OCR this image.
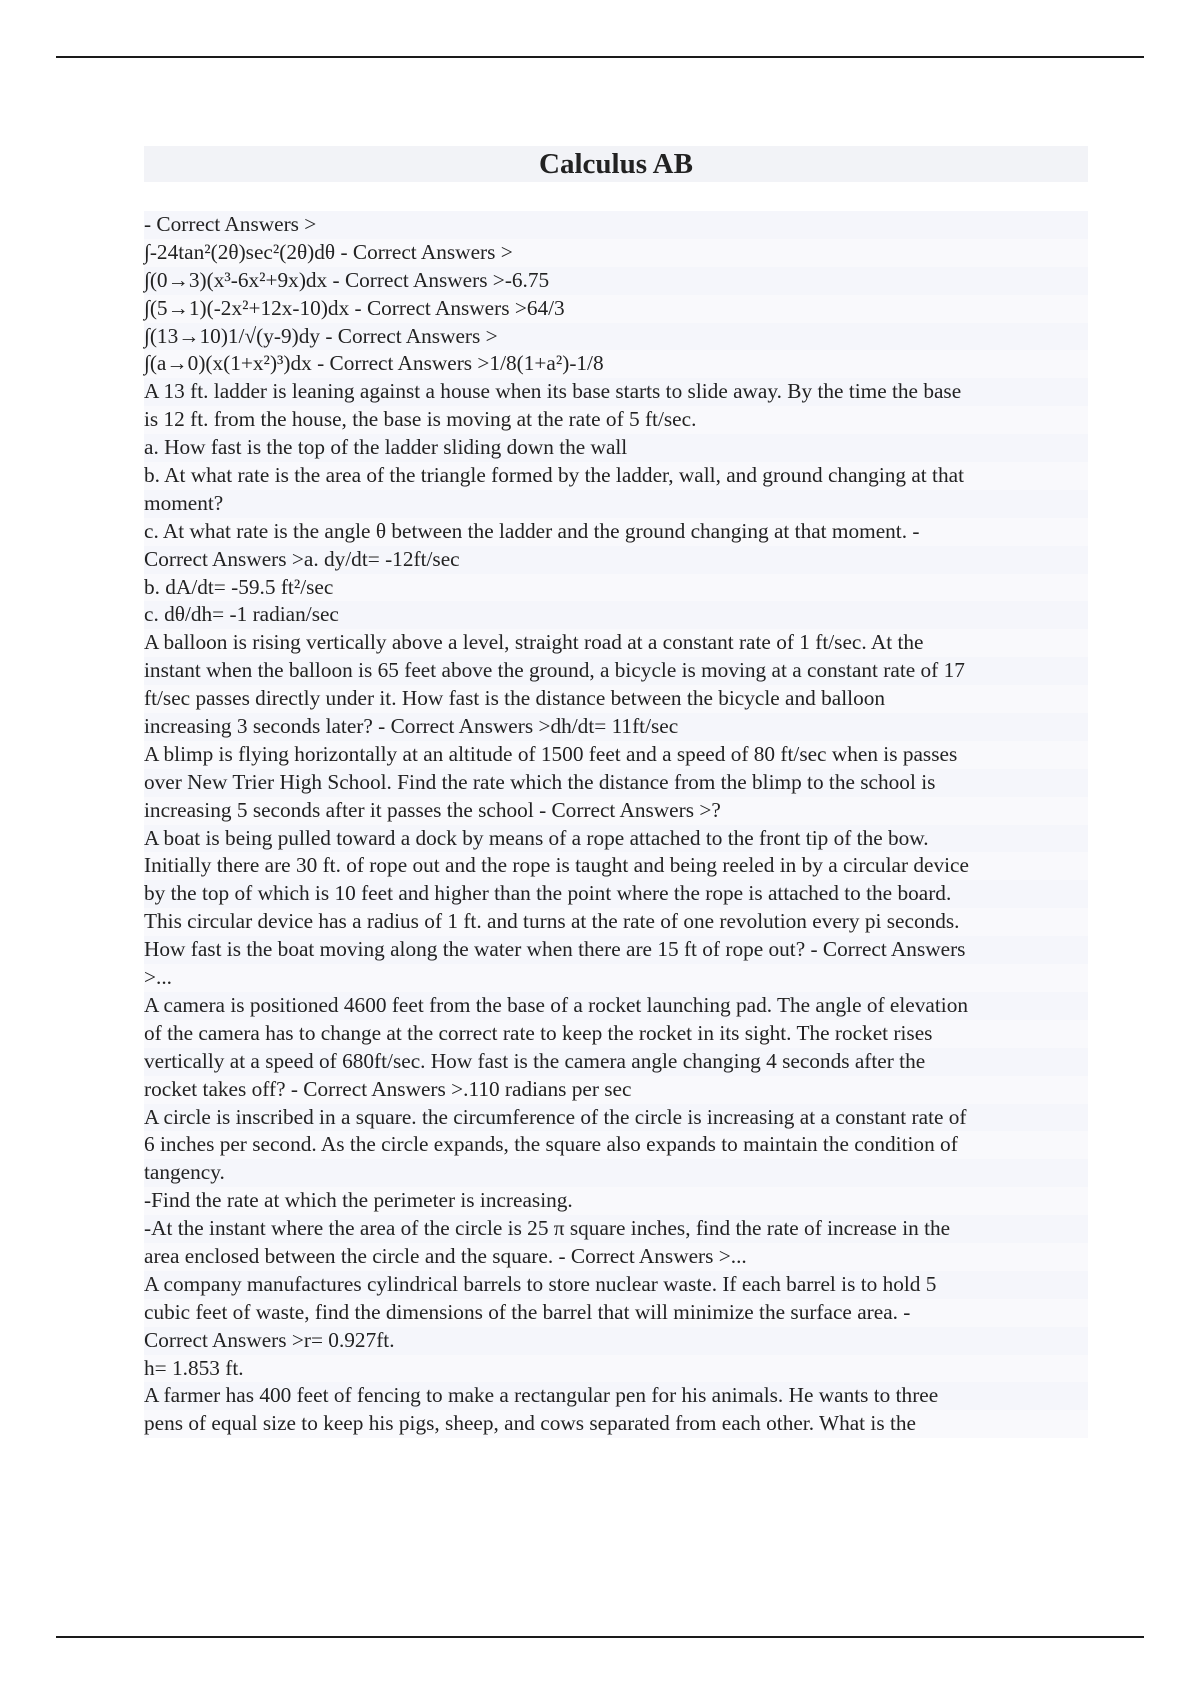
Calculus AB
- Correct Answers >
∫-24tan²(2θ)sec²(2θ)dθ - Correct Answers >
∫(0→3)(x³-6x²+9x)dx - Correct Answers >-6.75
∫(5→1)(-2x²+12x-10)dx - Correct Answers >64/3
∫(13→10)1/√(y-9)dy - Correct Answers >
∫(a→0)(x(1+x²)³)dx - Correct Answers >1/8(1+a²)-1/8
A 13 ft. ladder is leaning against a house when its base starts to slide away. By the time the base
is 12 ft. from the house, the base is moving at the rate of 5 ft/sec.
a. How fast is the top of the ladder sliding down the wall
b. At what rate is the area of the triangle formed by the ladder, wall, and ground changing at that
moment?
c. At what rate is the angle θ between the ladder and the ground changing at that moment. -
Correct Answers >a. dy/dt= -12ft/sec
b. dA/dt= -59.5 ft²/sec
c. dθ/dh= -1 radian/sec
A balloon is rising vertically above a level, straight road at a constant rate of 1 ft/sec. At the
instant when the balloon is 65 feet above the ground, a bicycle is moving at a constant rate of 17
ft/sec passes directly under it. How fast is the distance between the bicycle and balloon
increasing 3 seconds later? - Correct Answers >dh/dt= 11ft/sec
A blimp is flying horizontally at an altitude of 1500 feet and a speed of 80 ft/sec when is passes
over New Trier High School. Find the rate which the distance from the blimp to the school is
increasing 5 seconds after it passes the school - Correct Answers >?
A boat is being pulled toward a dock by means of a rope attached to the front tip of the bow.
Initially there are 30 ft. of rope out and the rope is taught and being reeled in by a circular device
by the top of which is 10 feet and higher than the point where the rope is attached to the board.
This circular device has a radius of 1 ft. and turns at the rate of one revolution every pi seconds.
How fast is the boat moving along the water when there are 15 ft of rope out? - Correct Answers
>...
A camera is positioned 4600 feet from the base of a rocket launching pad. The angle of elevation
of the camera has to change at the correct rate to keep the rocket in its sight. The rocket rises
vertically at a speed of 680ft/sec. How fast is the camera angle changing 4 seconds after the
rocket takes off? - Correct Answers >.110 radians per sec
A circle is inscribed in a square. the circumference of the circle is increasing at a constant rate of
6 inches per second. As the circle expands, the square also expands to maintain the condition of
tangency.
-Find the rate at which the perimeter is increasing.
-At the instant where the area of the circle is 25 π square inches, find the rate of increase in the
area enclosed between the circle and the square. - Correct Answers >...
A company manufactures cylindrical barrels to store nuclear waste. If each barrel is to hold 5
cubic feet of waste, find the dimensions of the barrel that will minimize the surface area. -
Correct Answers >r= 0.927ft.
h= 1.853 ft.
A farmer has 400 feet of fencing to make a rectangular pen for his animals. He wants to three
pens of equal size to keep his pigs, sheep, and cows separated from each other. What is the
